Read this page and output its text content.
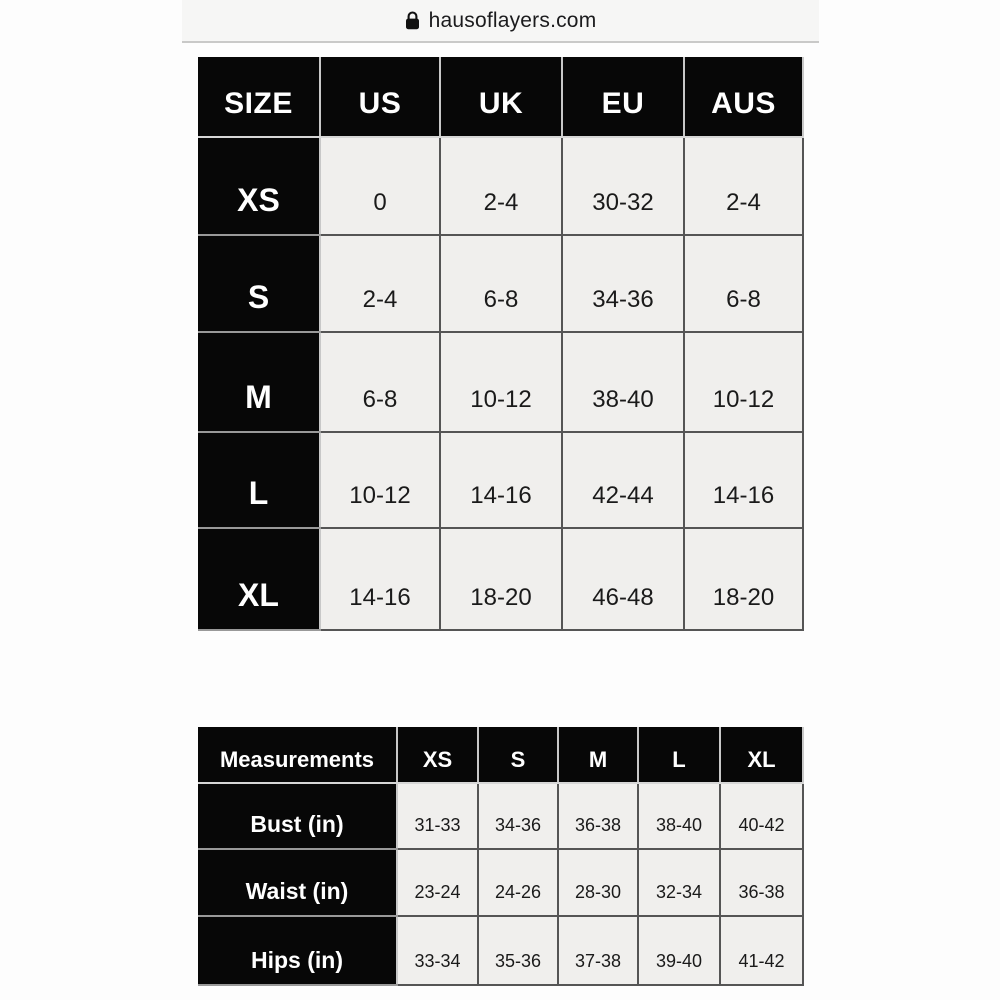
hausoflayers.com
SIZE	US	UK	EU	AUS
XS	0	2-4	30-32	2-4
S	2-4	6-8	34-36	6-8
M	6-8	10-12	38-40	10-12
L	10-12	14-16	42-44	14-16
XL	14-16	18-20	46-48	18-20
Measurements	XS	S	M	L	XL
Bust (in)	31-33	34-36	36-38	38-40	40-42
Waist (in)	23-24	24-26	28-30	32-34	36-38
Hips (in)	33-34	35-36	37-38	39-40	41-42
